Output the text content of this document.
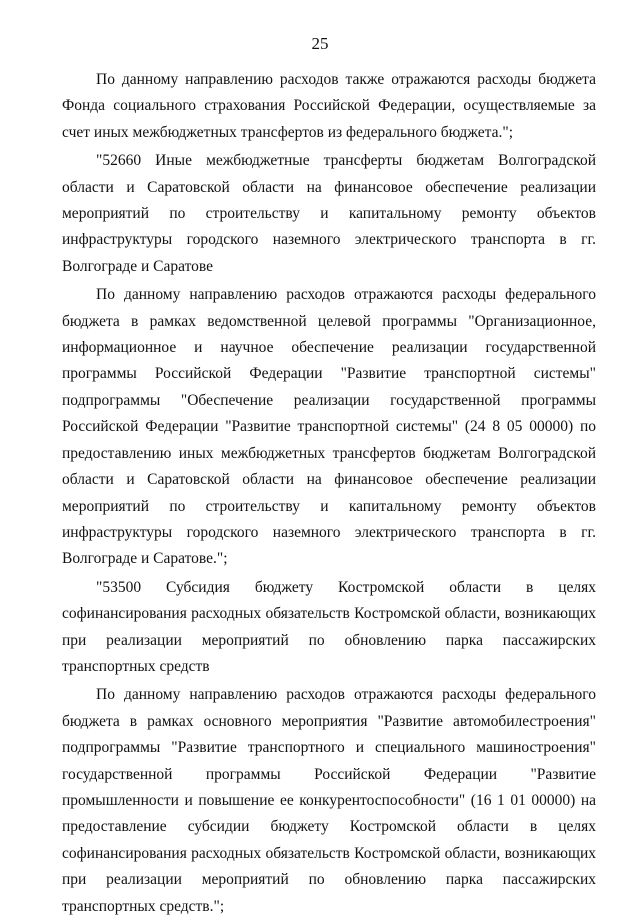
25

По данному направлению расходов также отражаются расходы бюджета Фонда социального страхования Российской Федерации, осуществляемые за счет иных межбюджетных трансфертов из федерального бюджета.";

"52660 Иные межбюджетные трансферты бюджетам Волгоградской области и Саратовской области на финансовое обеспечение реализации мероприятий по строительству и капитальному ремонту объектов инфраструктуры городского наземного электрического транспорта в гг. Волгограде и Саратове

По данному направлению расходов отражаются расходы федерального бюджета в рамках ведомственной целевой программы "Организационное, информационное и научное обеспечение реализации государственной программы Российской Федерации "Развитие транспортной системы" подпрограммы "Обеспечение реализации государственной программы Российской Федерации "Развитие транспортной системы" (24 8 05 00000) по предоставлению иных межбюджетных трансфертов бюджетам Волгоградской области и Саратовской области на финансовое обеспечение реализации мероприятий по строительству и капитальному ремонту объектов инфраструктуры городского наземного электрического транспорта в гг. Волгограде и Саратове.";

"53500 Субсидия бюджету Костромской области в целях софинансирования расходных обязательств Костромской области, возникающих при реализации мероприятий по обновлению парка пассажирских транспортных средств

По данному направлению расходов отражаются расходы федерального бюджета в рамках основного мероприятия "Развитие автомобилестроения" подпрограммы "Развитие транспортного и специального машиностроения" государственной программы Российской Федерации "Развитие промышленности и повышение ее конкурентоспособности" (16 1 01 00000) на предоставление субсидии бюджету Костромской области в целях софинансирования расходных обязательств Костромской области, возникающих при реализации мероприятий по обновлению парка пассажирских транспортных средств.";
